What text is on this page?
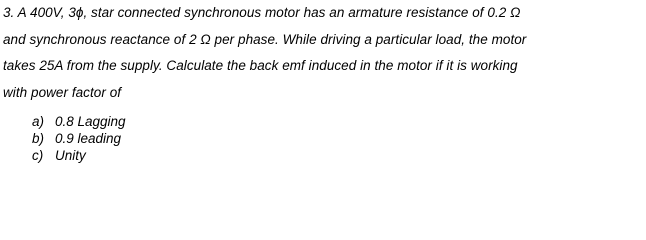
3. A 400V, 3ϕ, star connected synchronous motor has an armature resistance of 0.2 Ω
and synchronous reactance of 2 Ω per phase. While driving a particular load, the motor
takes 25A from the supply. Calculate the back emf induced in the motor if it is working
with power factor of
a) 0.8 Lagging
b) 0.9 leading
c) Unity
